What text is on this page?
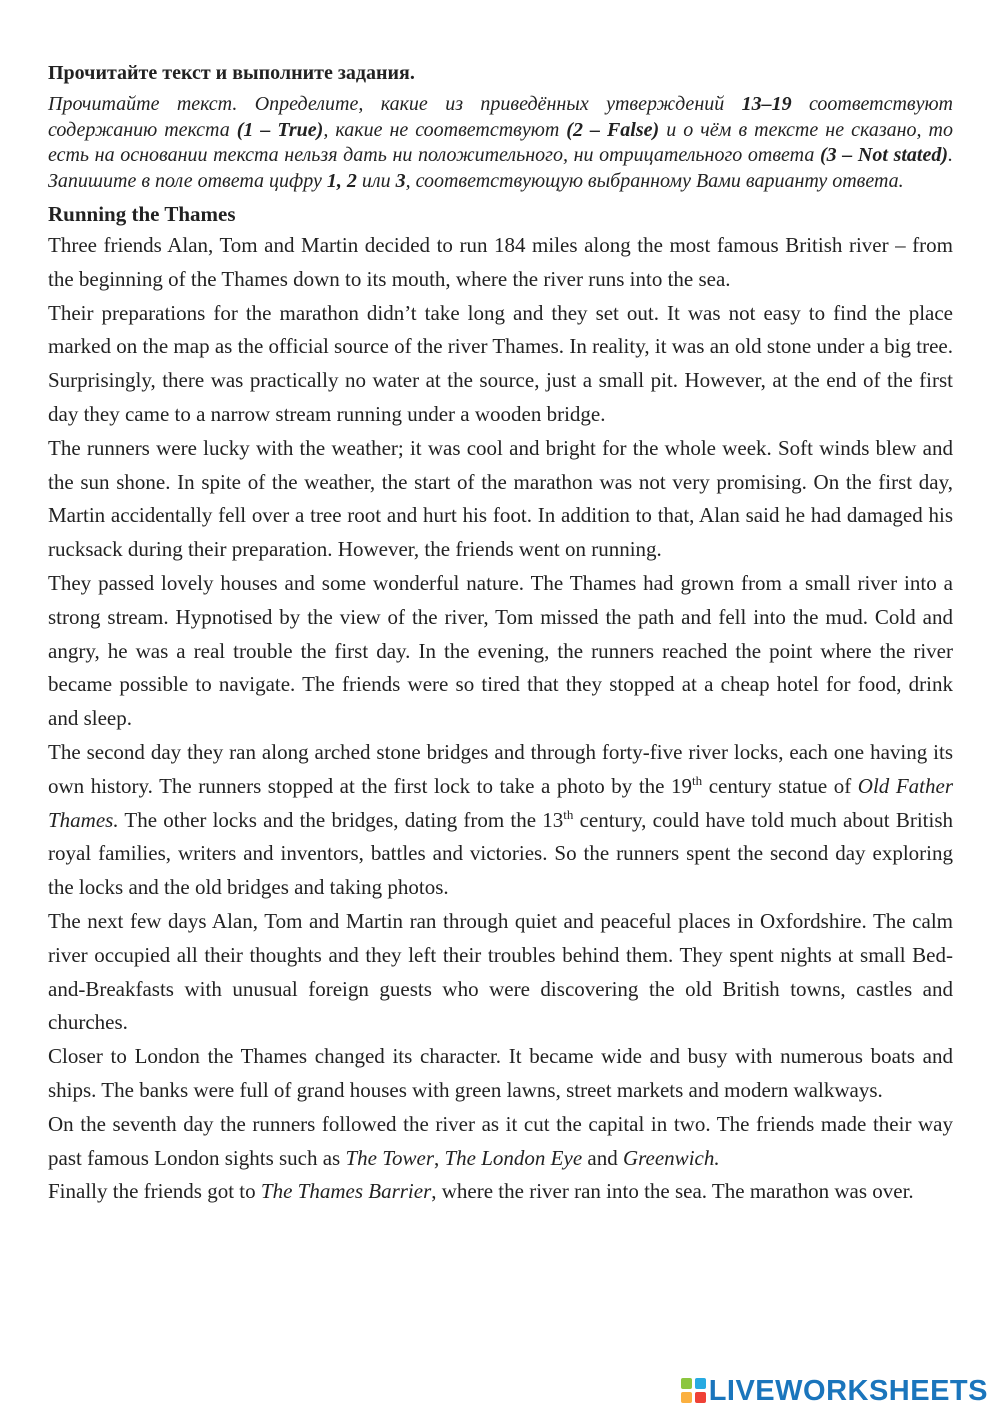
Прочитайте текст и выполните задания.

Прочитайте текст. Определите, какие из приведённых утверждений 13–19 соответствуют содержанию текста (1 – True), какие не соответствуют (2 – False) и о чём в тексте не сказано, то есть на основании текста нельзя дать ни положительного, ни отрицательного ответа (3 – Not stated). Запишите в поле ответа цифру 1, 2 или 3, соответствующую выбранному Вами варианту ответа.

Running the Thames

Three friends Alan, Tom and Martin decided to run 184 miles along the most famous British river – from the beginning of the Thames down to its mouth, where the river runs into the sea.

Their preparations for the marathon didn’t take long and they set out. It was not easy to find the place marked on the map as the official source of the river Thames. In reality, it was an old stone under a big tree. Surprisingly, there was practically no water at the source, just a small pit. However, at the end of the first day they came to a narrow stream running under a wooden bridge.

The runners were lucky with the weather; it was cool and bright for the whole week. Soft winds blew and the sun shone. In spite of the weather, the start of the marathon was not very promising. On the first day, Martin accidentally fell over a tree root and hurt his foot. In addition to that, Alan said he had damaged his rucksack during their preparation. However, the friends went on running.

They passed lovely houses and some wonderful nature. The Thames had grown from a small river into a strong stream. Hypnotised by the view of the river, Tom missed the path and fell into the mud. Cold and angry, he was a real trouble the first day. In the evening, the runners reached the point where the river became possible to navigate. The friends were so tired that they stopped at a cheap hotel for food, drink and sleep.

The second day they ran along arched stone bridges and through forty-five river locks, each one having its own history. The runners stopped at the first lock to take a photo by the 19th century statue of Old Father Thames. The other locks and the bridges, dating from the 13th century, could have told much about British royal families, writers and inventors, battles and victories. So the runners spent the second day exploring the locks and the old bridges and taking photos.

The next few days Alan, Tom and Martin ran through quiet and peaceful places in Oxfordshire. The calm river occupied all their thoughts and they left their troubles behind them. They spent nights at small Bed-and-Breakfasts with unusual foreign guests who were discovering the old British towns, castles and churches.

Closer to London the Thames changed its character. It became wide and busy with numerous boats and ships. The banks were full of grand houses with green lawns, street markets and modern walkways.

On the seventh day the runners followed the river as it cut the capital in two. The friends made their way past famous London sights such as The Tower, The London Eye and Greenwich.

Finally the friends got to The Thames Barrier, where the river ran into the sea. The marathon was over.

LIVEWORKSHEETS
